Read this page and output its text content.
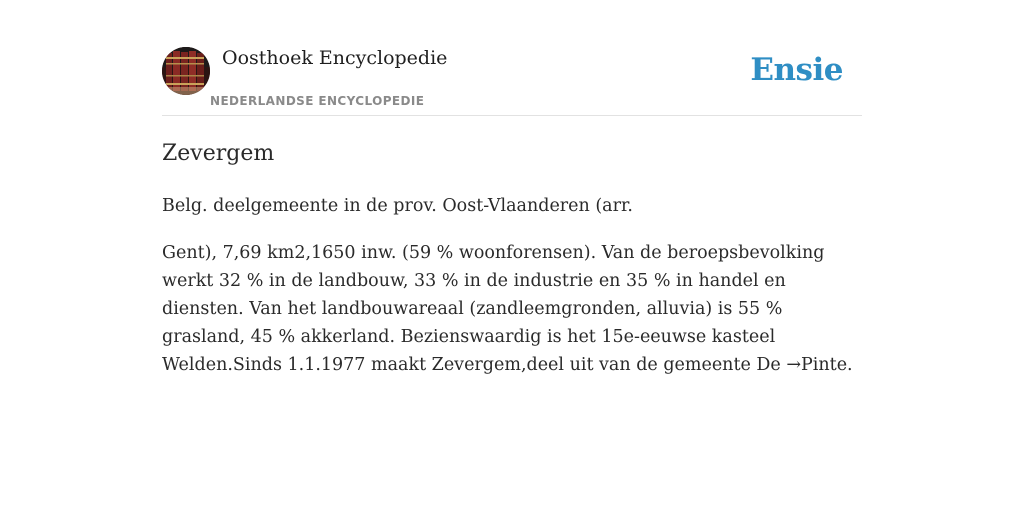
Oosthoek Encyclopedie
NEDERLANDSE ENCYCLOPEDIE
Ensie
Zevergem

Belg. deelgemeente in de prov. Oost-Vlaanderen (arr.

Gent), 7,69 km2,1650 inw. (59 % woonforensen). Van de beroepsbevolking werkt 32 % in de landbouw, 33 % in de industrie en 35 % in handel en diensten. Van het landbouwareaal (zandleemgronden, alluvia) is 55 % grasland, 45 % akkerland. Bezienswaardig is het 15e-eeuwse kasteel Welden.Sinds 1.1.1977 maakt Zevergem,deel uit van de gemeente De →Pinte.
